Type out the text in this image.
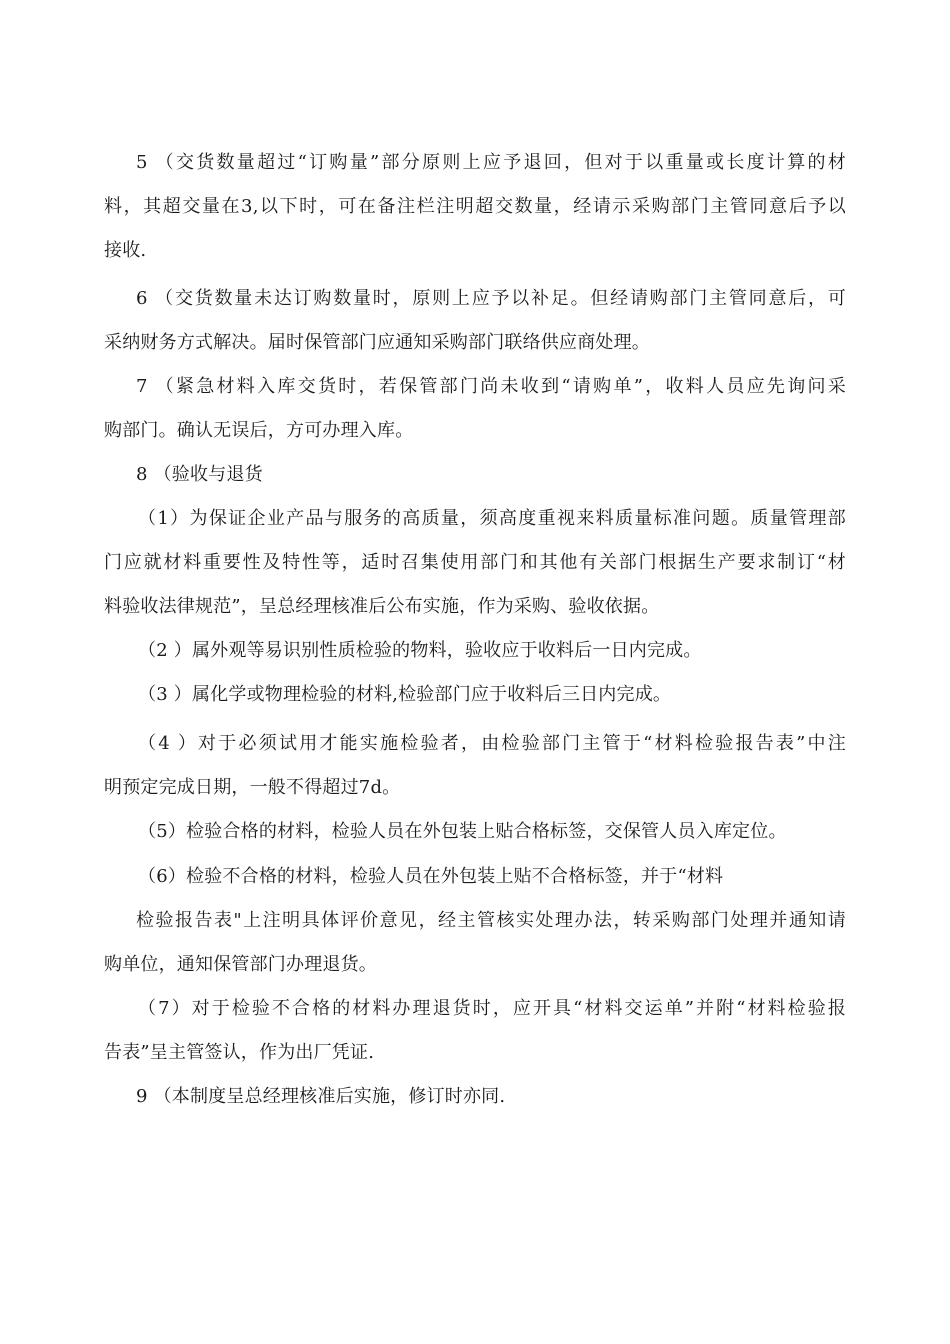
5 （交货数量超过“订购量”部分原则上应予退回，但对于以重量或长度计算的材
料，其超交量在3,以下时，可在备注栏注明超交数量，经请示采购部门主管同意后予以
接收.
6 （交货数量未达订购数量时，原则上应予以补足。但经请购部门主管同意后，可
采纳财务方式解决。届时保管部门应通知采购部门联络供应商处理。
7 （紧急材料入库交货时，若保管部门尚未收到“请购单”，收料人员应先询问采
购部门。确认无误后，方可办理入库。
8 （验收与退货
（1）为保证企业产品与服务的高质量，须高度重视来料质量标准问题。质量管理部
门应就材料重要性及特性等，适时召集使用部门和其他有关部门根据生产要求制订“材
料验收法律规范”，呈总经理核准后公布实施，作为采购、验收依据。
（2 ）属外观等易识别性质检验的物料，验收应于收料后一日内完成。
（3 ）属化学或物理检验的材料,检验部门应于收料后三日内完成。
（4 ）对于必须试用才能实施检验者，由检验部门主管于“材料检验报告表”中注
明预定完成日期，一般不得超过7d。
（5）检验合格的材料，检验人员在外包装上贴合格标签，交保管人员入库定位。
（6）检验不合格的材料，检验人员在外包装上贴不合格标签，并于“材料
检验报告表"上注明具体评价意见，经主管核实处理办法，转采购部门处理并通知请
购单位，通知保管部门办理退货。
（7）对于检验不合格的材料办理退货时，应开具“材料交运单”并附“材料检验报
告表”呈主管签认，作为出厂凭证.
9 （本制度呈总经理核准后实施，修订时亦同.
